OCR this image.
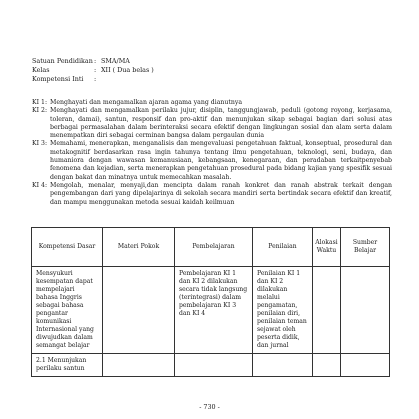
Satuan Pendidikan : SMA/MA
Kelas	: XII ( Dua belas )
Kompetensi Inti	:
KI 1: Menghayati dan mengamalkan ajaran agama yang dianutnya
KI 2: Menghayati dan mengamalkan perilaku jujur, disiplin, tanggungjawab, peduli (gotong royong, kerjasama, toleran, damai), santun, responsif dan pro-aktif dan menunjukan sikap sebagai bagian dari solusi atas berbagai permasalahan dalam berinteraksi secara efektif dengan lingkungan sosial dan alam serta dalam menempatkan diri sebagai cerminan bangsa dalam pergaulan dunia
KI 3: Memahami, menerapkan, menganalisis dan mengevaluasi pengetahuan faktual, konseptual, prosedural dan metakognitif berdasarkan rasa ingin tahunya tentang ilmu pengetahuan, teknologi, seni, budaya, dan humaniora dengan wawasan kemanusiaan, kebangsaan, kenegaraan, dan peradaban terkaitpenyebab fenomena dan kejadian, serta menerapkan pengetahuan prosedural pada bidang kajian yang spesifik sesuai dengan bakat dan minatnya untuk memecahkan masalah.
KI 4: Mengolah, menalar, menyaji,dan mencipta dalam ranah konkret dan ranah abstrak terkait dengan pengembangan dari yang dipelajarinya di sekolah secara mandiri serta bertindak secara efektif dan kreatif, dan mampu menggunakan metoda sesuai kaidah keilmuan
Kompetensi Dasar	Materi Pokok	Pembelajaran	Penilaian	Alokasi Waktu	Sumber Belajar

Mensyukuri kesempatan dapat mempelajari bahasa Inggris sebagai bahasa pengantar komunikasi Internasional yang diwujudkan dalam semangat belajar		Pembelajaran KI 1 dan KI 2 dilakukan secara tidak langsung (terintegrasi) dalam pembelajaran KI 3 dan KI 4	Penilaian KI 1 dan KI 2 dilakukan melalui pengamatan, penilaian diri, penilaian teman sejawat oleh peserta didik, dan jurnal		

2.1 Menunjukan perilaku santun					

- 730 -
